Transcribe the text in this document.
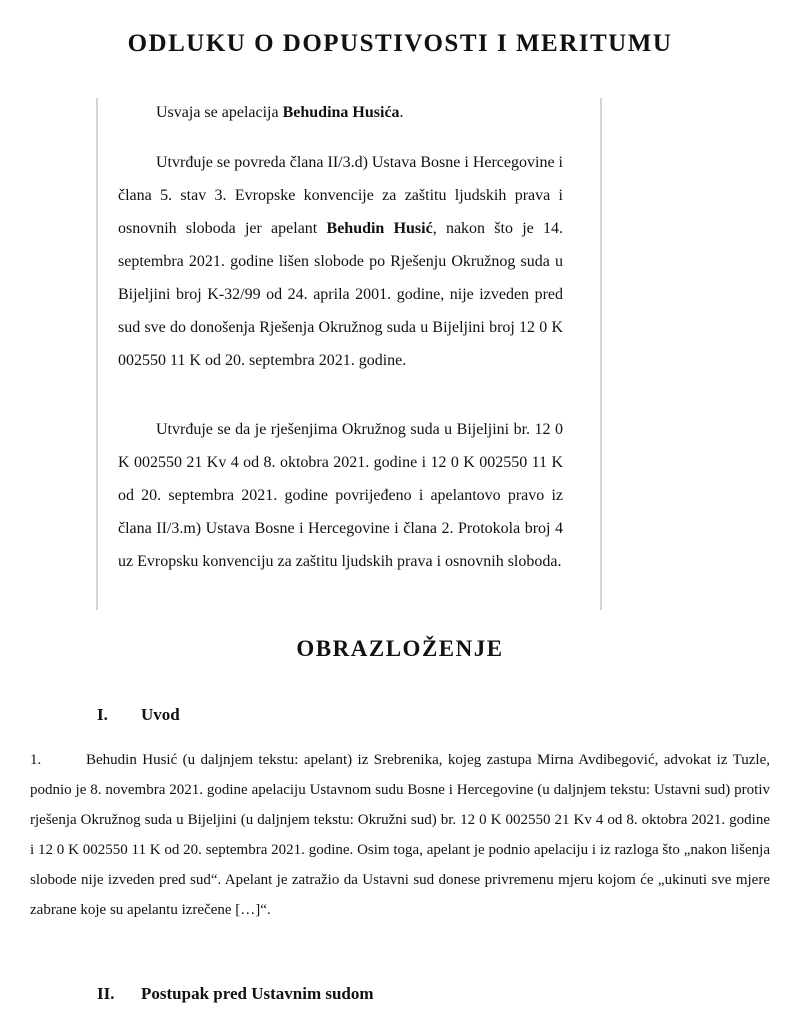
ODLUKU O DOPUSTIVOSTI I MERITUMU

Usvaja se apelacija Behudina Husića.

Utvrđuje se povreda člana II/3.d) Ustava Bosne i Hercegovine i člana 5. stav 3. Evropske konvencije za zaštitu ljudskih prava i osnovnih sloboda jer apelant Behudin Husić, nakon što je 14. septembra 2021. godine lišen slobode po Rješenju Okružnog suda u Bijeljini broj K-32/99 od 24. aprila 2001. godine, nije izveden pred sud sve do donošenja Rješenja Okružnog suda u Bijeljini broj 12 0 K 002550 11 K od 20. septembra 2021. godine.

Utvrđuje se da je rješenjima Okružnog suda u Bijeljini br. 12 0 K 002550 21 Kv 4 od 8. oktobra 2021. godine i 12 0 K 002550 11 K od 20. septembra 2021. godine povrijeđeno i apelantovo pravo iz člana II/3.m) Ustava Bosne i Hercegovine i člana 2. Protokola broj 4 uz Evropsku konvenciju za zaštitu ljudskih prava i osnovnih sloboda.

OBRAZLOŽENJE
I. Uvod

1.	Behudin Husić (u daljnjem tekstu: apelant) iz Srebrenika, kojeg zastupa Mirna Avdibegović, advokat iz Tuzle, podnio je 8. novembra 2021. godine apelaciju Ustavnom sudu Bosne i Hercegovine (u daljnjem tekstu: Ustavni sud) protiv rješenja Okružnog suda u Bijeljini (u daljnjem tekstu: Okružni sud) br. 12 0 K 002550 21 Kv 4 od 8. oktobra 2021. godine i 12 0 K 002550 11 K od 20. septembra 2021. godine. Osim toga, apelant je podnio apelaciju i iz razloga što „nakon lišenja slobode nije izveden pred sud“. Apelant je zatražio da Ustavni sud donese privremenu mjeru kojom će „ukinuti sve mjere zabrane koje su apelantu izrečene […]“.

II. Postupak pred Ustavnim sudom
